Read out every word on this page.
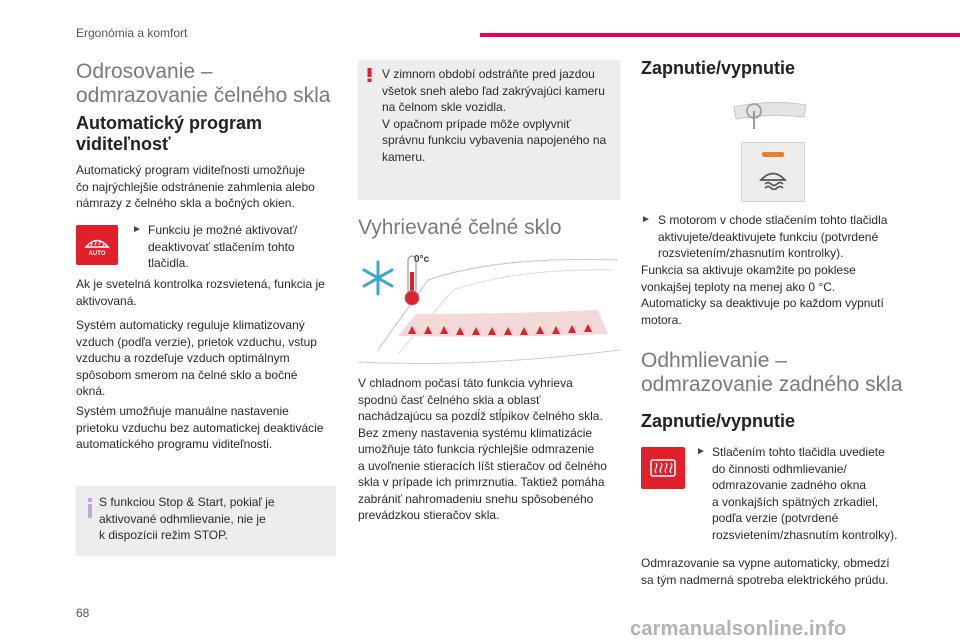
Ergonómia a komfort
Odrosovanie –
odmrazovanie čelného skla
Automatický program
viditeľnosť
Automatický program viditeľnosti umožňuje
čo najrýchlejšie odstránenie zahmlenia alebo
námrazy z čelného skla a bočných okien.
AUTO
► Funkciu je možné aktivovať/
deaktivovať stlačením tohto
tlačidla.
Ak je svetelná kontrolka rozsvietená, funkcia je
aktivovaná.
Systém automaticky reguluje klimatizovaný
vzduch (podľa verzie), prietok vzduchu, vstup
vzduchu a rozdeľuje vzduch optimálnym
spôsobom smerom na čelné sklo a bočné
okná.
Systém umožňuje manuálne nastavenie
prietoku vzduchu bez automatickej deaktivácie
automatického programu viditeľnosti.
S funkciou Stop & Start, pokiaľ je
aktivované odhmlievanie, nie je
k dispozícii režim STOP.
V zimnom období odstráňte pred jazdou
všetok sneh alebo ľad zakrývajúci kameru
na čelnom skle vozidla.
V opačnom prípade môže ovplyvniť
správnu funkciu vybavenia napojeného na
kameru.
Vyhrievané čelné sklo
0°c
V chladnom počasí táto funkcia vyhrieva
spodnú časť čelného skla a oblasť
nachádzajúcu sa pozdĺž stĺpikov čelného skla.
Bez zmeny nastavenia systému klimatizácie
umožňuje táto funkcia rýchlejšie odmrazenie
a uvoľnenie stieracích líšt stieračov od čelného
skla v prípade ich primrznutia. Taktiež pomáha
zabrániť nahromadeniu snehu spôsobeného
prevádzkou stieračov skla.
Zapnutie/vypnutie
► S motorom v chode stlačením tohto tlačidla
aktivujete/deaktivujete funkciu (potvrdené
rozsvietením/zhasnutím kontrolky).
Funkcia sa aktivuje okamžite po poklese
vonkajšej teploty na menej ako 0 °C.
Automaticky sa deaktivuje po každom vypnutí
motora.
Odhmlievanie –
odmrazovanie zadného skla
Zapnutie/vypnutie
► Stlačením tohto tlačidla uvediete
do činnosti odhmlievanie/
odmrazovanie zadného okna
a vonkajších spätných zrkadiel,
podľa verzie (potvrdené
rozsvietením/zhasnutím kontrolky).
Odmrazovanie sa vypne automaticky, obmedzí
sa tým nadmerná spotreba elektrického prúdu.
68
carmanualsonline.info
